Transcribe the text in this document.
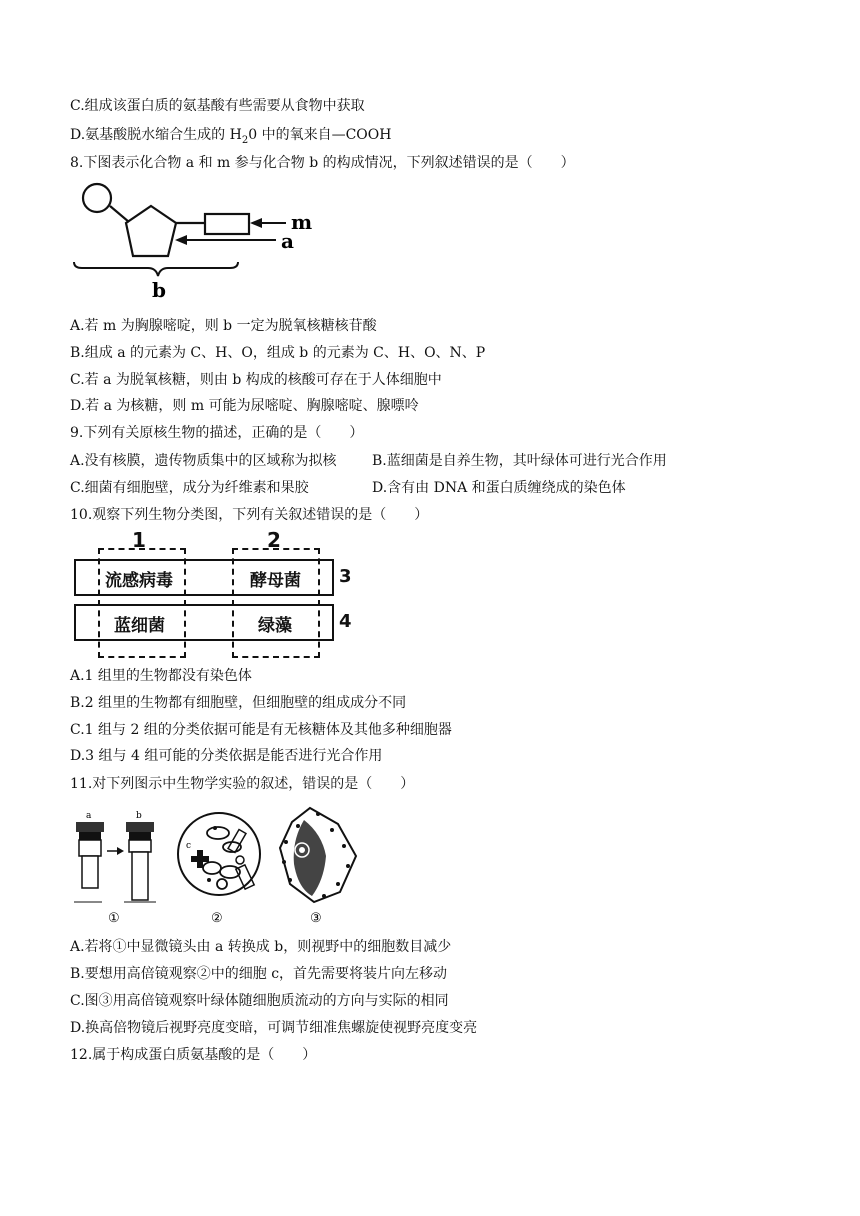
C.组成该蛋白质的氨基酸有些需要从食物中获取
D.氨基酸脱水缩合生成的 $H_20$ 中的氧来自—COOH
8.下图表示化合物 a 和 m 参与化合物 b 的构成情况，下列叙述错误的是（　　）
m
a
b
A.若 m 为胸腺嘧啶，则 b 一定为脱氧核糖核苷酸
B.组成 a 的元素为 C、H、O，组成 b 的元素为 C、H、O、N、P
C.若 a 为脱氧核糖，则由 b 构成的核酸可存在于人体细胞中
D.若 a 为核糖，则 m 可能为尿嘧啶、胸腺嘧啶、腺嘌呤
9.下列有关原核生物的描述，正确的是（　　）
A.没有核膜，遗传物质集中的区域称为拟核	B.蓝细菌是自养生物，其叶绿体可进行光合作用
C.细菌有细胞壁，成分为纤维素和果胶	D.含有由 DNA 和蛋白质缠绕成的染色体
10.观察下列生物分类图，下列有关叙述错误的是（　　）
1	2
3
4
流感病毒	酵母菌
蓝细菌	绿藻
A.1 组里的生物都没有染色体
B.2 组里的生物都有细胞壁，但细胞壁的组成成分不同
C.1 组与 2 组的分类依据可能是有无核糖体及其他多种细胞器
D.3 组与 4 组可能的分类依据是能否进行光合作用
11.对下列图示中生物学实验的叙述，错误的是（　　）
a	b
①
c
②	③
A.若将①中显微镜头由 a 转换成 b，则视野中的细胞数目减少
B.要想用高倍镜观察②中的细胞 c，首先需要将装片向左移动
C.图③用高倍镜观察叶绿体随细胞质流动的方向与实际的相同
D.换高倍物镜后视野亮度变暗，可调节细准焦螺旋使视野亮度变亮
12.属于构成蛋白质氨基酸的是（　　）
